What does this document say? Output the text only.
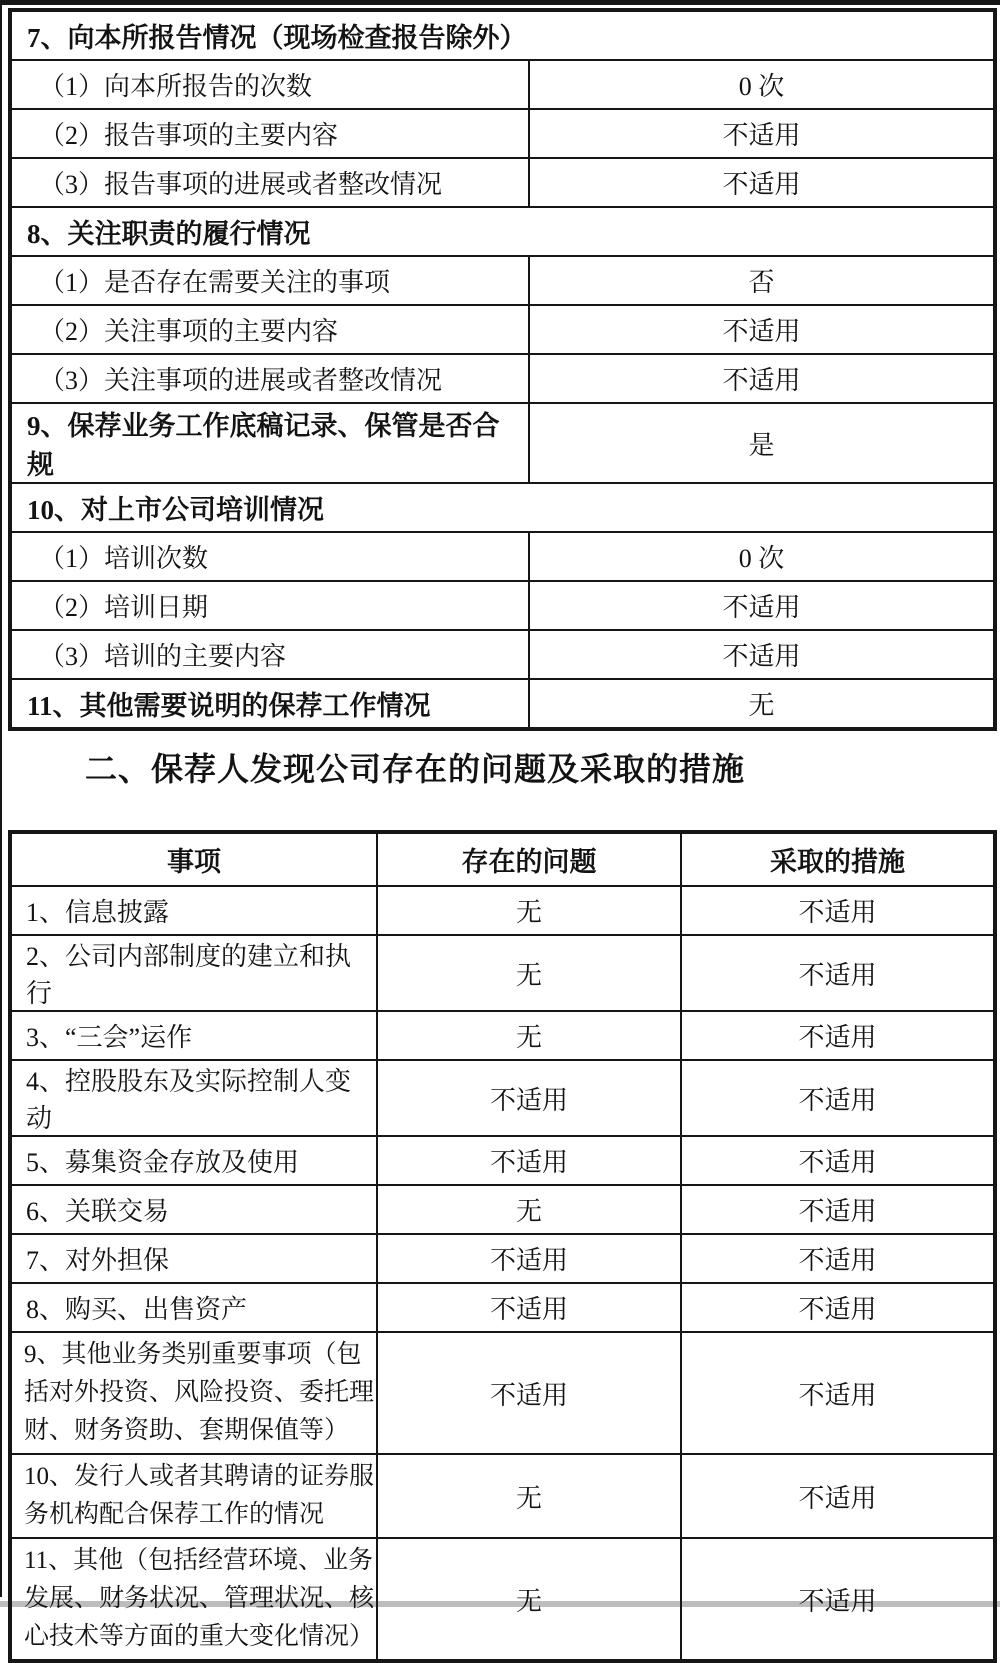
7、向本所报告情况（现场检查报告除外）	
（1）向本所报告的次数	0 次
（2）报告事项的主要内容	不适用
（3）报告事项的进展或者整改情况	不适用
8、关注职责的履行情况	
（1）是否存在需要关注的事项	否
（2）关注事项的主要内容	不适用
（3）关注事项的进展或者整改情况	不适用
9、保荐业务工作底稿记录、保管是否合规	是
10、对上市公司培训情况	
（1）培训次数	0 次
（2）培训日期	不适用
（3）培训的主要内容	不适用
11、其他需要说明的保荐工作情况	无
二、保荐人发现公司存在的问题及采取的措施
事项	存在的问题	采取的措施
1、信息披露	无	不适用
2、公司内部制度的建立和执行	无	不适用
3、“三会”运作	无	不适用
4、控股股东及实际控制人变动	不适用	不适用
5、募集资金存放及使用	不适用	不适用
6、关联交易	无	不适用
7、对外担保	不适用	不适用
8、购买、出售资产	不适用	不适用
9、其他业务类别重要事项（包括对外投资、风险投资、委托理财、财务资助、套期保值等）	不适用	不适用
10、发行人或者其聘请的证券服务机构配合保荐工作的情况	无	不适用
11、其他（包括经营环境、业务发展、财务状况、管理状况、核心技术等方面的重大变化情况）	无	不适用
